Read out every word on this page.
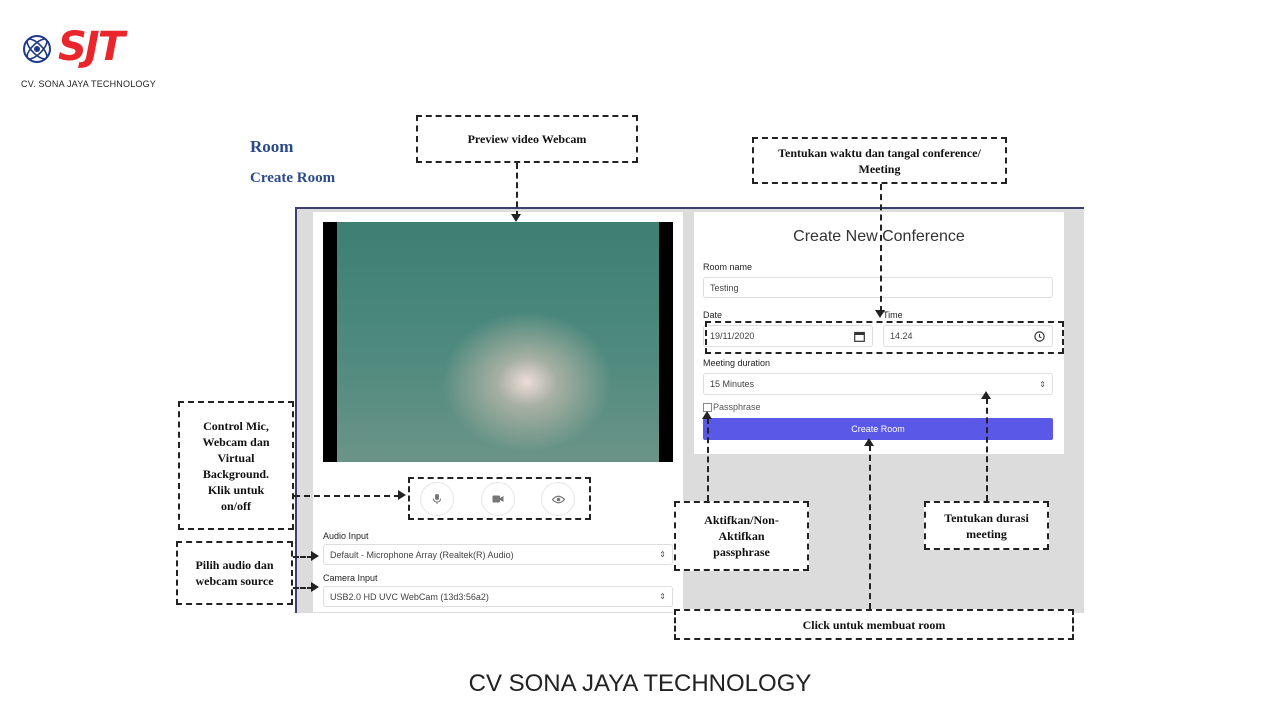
SJT
CV. SONA JAYA TECHNOLOGY
Room
Create Room
Audio Input
Default - Microphone Array (Realtek(R) Audio)	⇕
Camera Input
USB2.0 HD UVC WebCam (13d3:56a2)	⇕
Create New Conference
Room name
Testing
Date	Time
19/11/2020	14.24
Meeting duration
15 Minutes	⇕
Passphrase
Create Room
Preview video Webcam
Tentukan waktu dan tangal conference/
Meeting
Control Mic,
Webcam dan
Virtual
Background.
Klik untuk
on/off
Pilih audio dan
webcam source
Aktifkan/Non-
Aktifkan
passphrase
Tentukan durasi
meeting
Click untuk membuat room
CV SONA JAYA TECHNOLOGY
